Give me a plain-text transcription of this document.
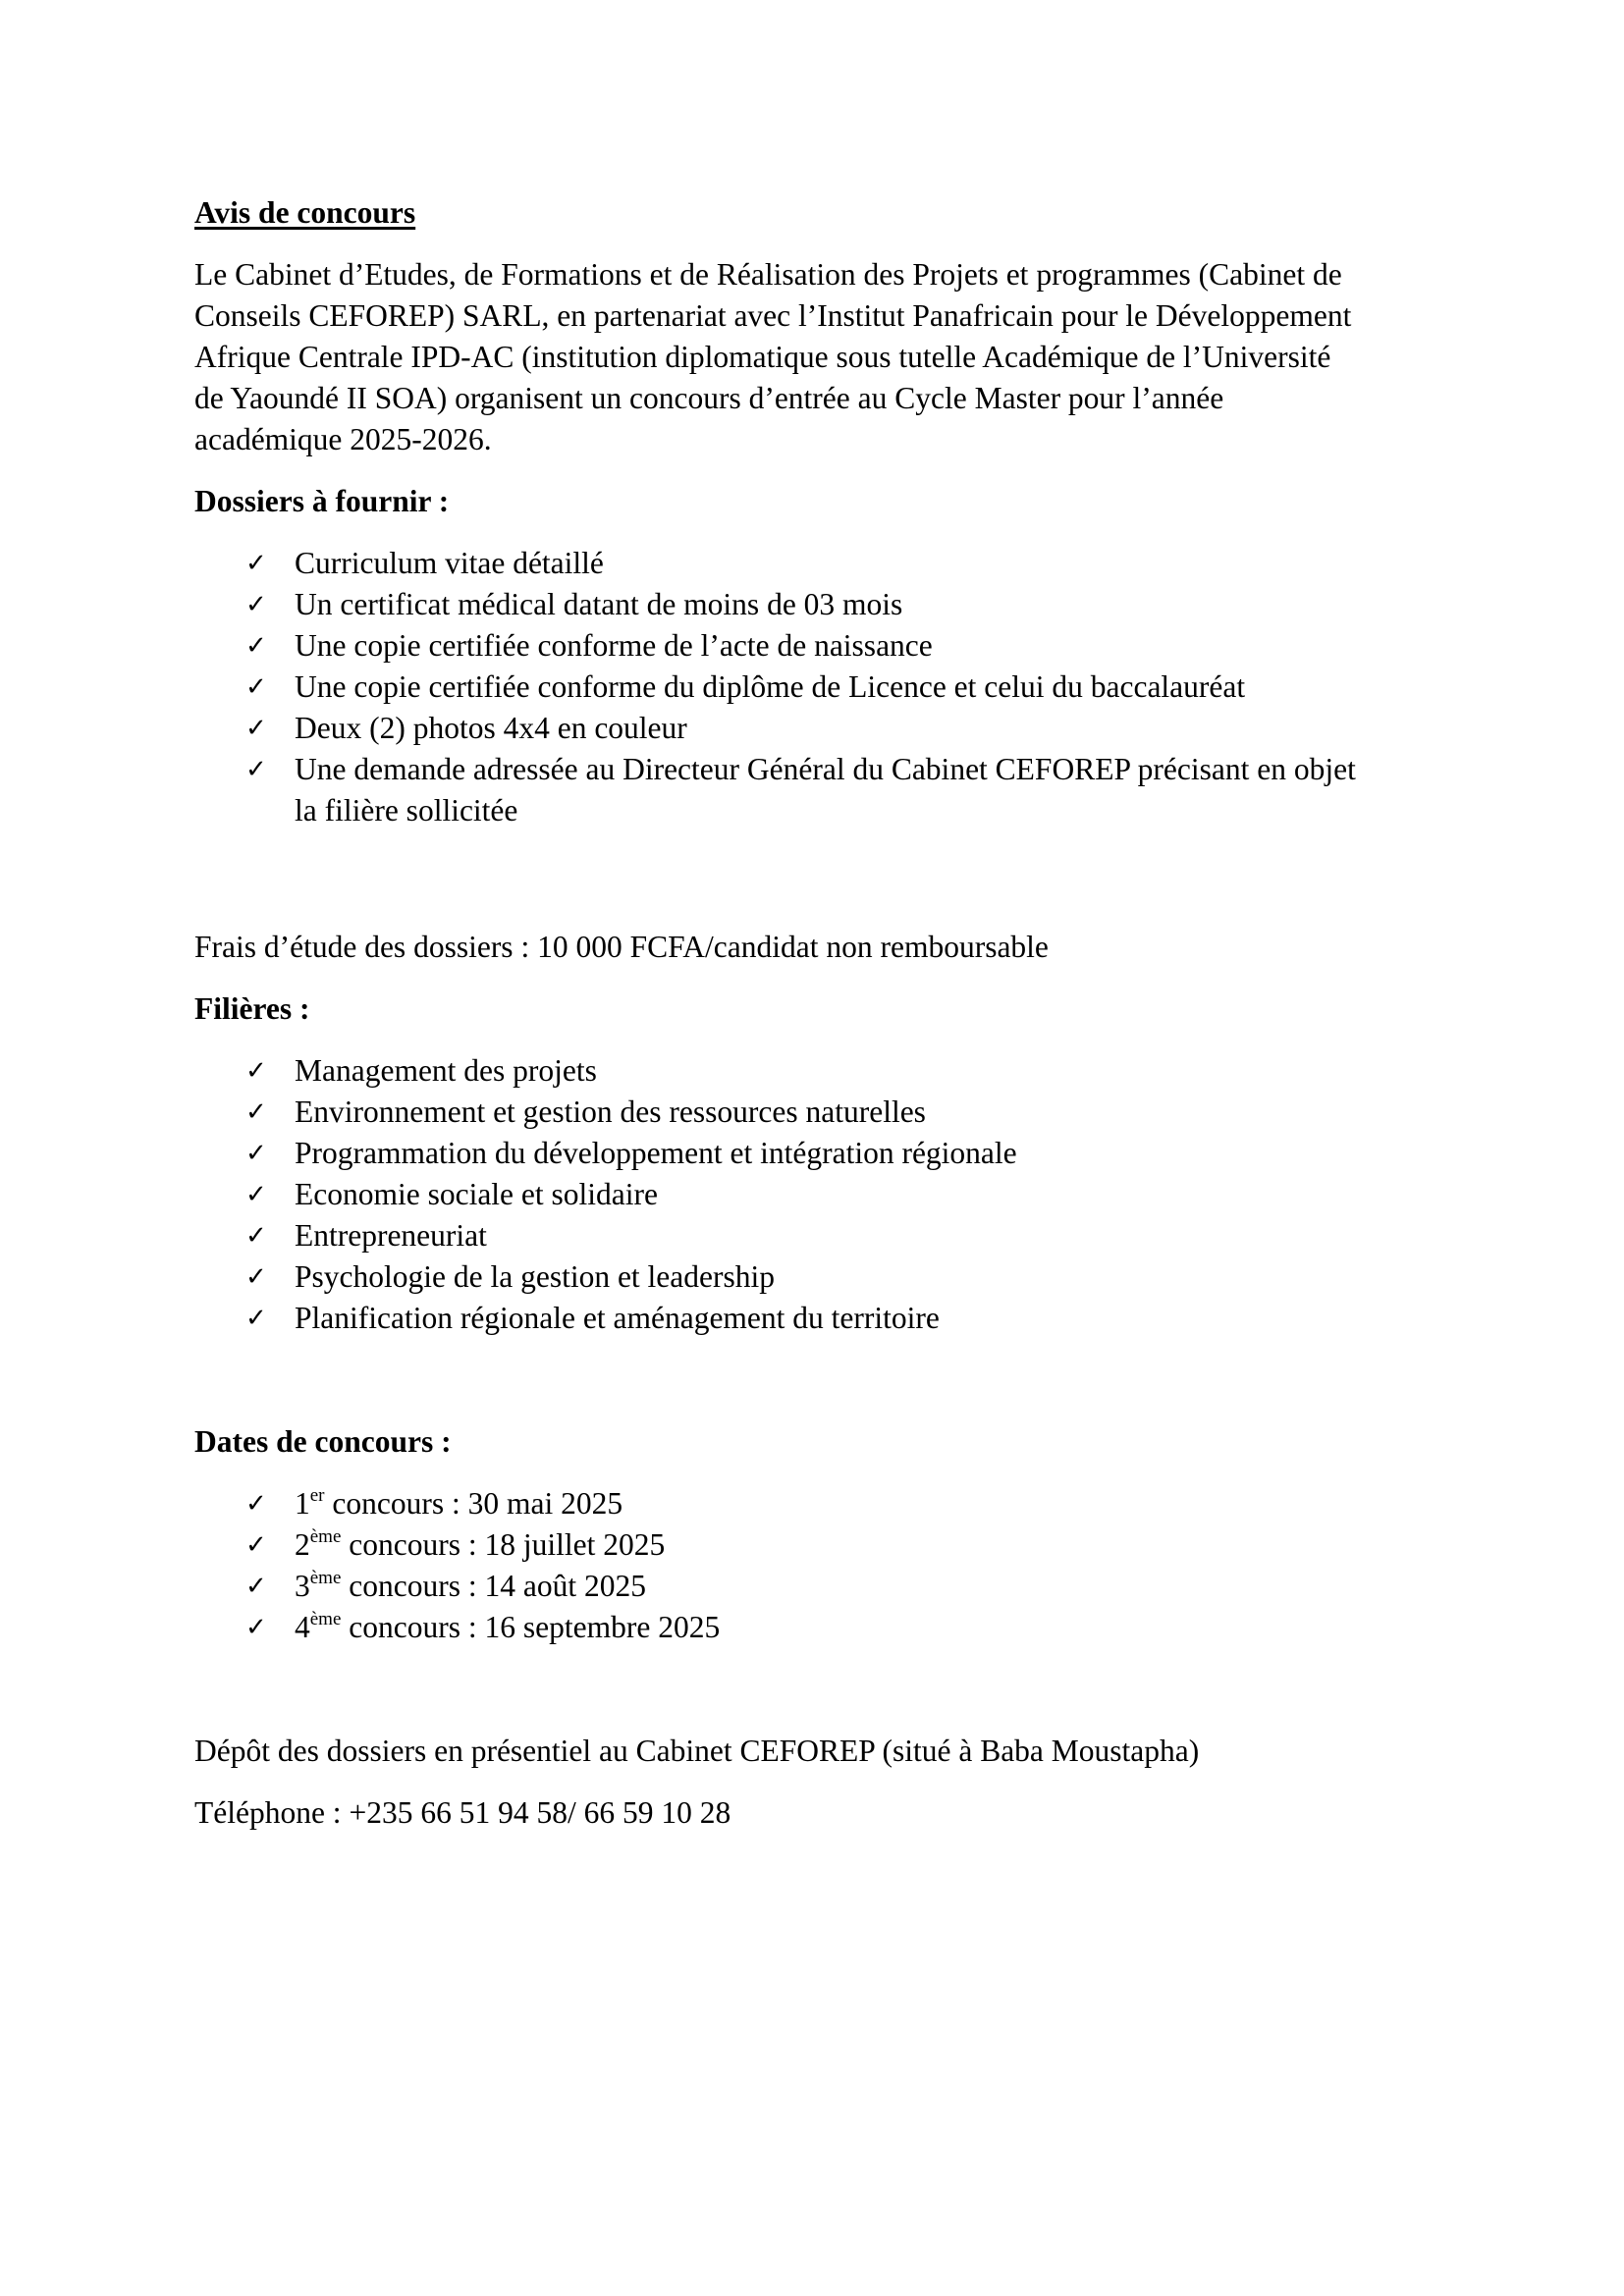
Avis de concours
Le Cabinet d’Etudes, de Formations et de Réalisation des Projets et programmes (Cabinet de
Conseils CEFOREP) SARL, en partenariat avec l’Institut Panafricain pour le Développement
Afrique Centrale IPD-AC (institution diplomatique sous tutelle Académique de l’Université
de Yaoundé II SOA) organisent un concours d’entrée au Cycle Master pour l’année
académique 2025-2026.
Dossiers à fournir :
✓ Curriculum vitae détaillé
✓ Un certificat médical datant de moins de 03 mois
✓ Une copie certifiée conforme de l’acte de naissance
✓ Une copie certifiée conforme du diplôme de Licence et celui du baccalauréat
✓ Deux (2) photos 4x4 en couleur
✓ Une demande adressée au Directeur Général du Cabinet CEFOREP précisant en objet
la filière sollicitée
Frais d’étude des dossiers : 10 000 FCFA/candidat non remboursable
Filières :
✓ Management des projets
✓ Environnement et gestion des ressources naturelles
✓ Programmation du développement et intégration régionale
✓ Economie sociale et solidaire
✓ Entrepreneuriat
✓ Psychologie de la gestion et leadership
✓ Planification régionale et aménagement du territoire
Dates de concours :
✓ 1er concours : 30 mai 2025
✓ 2ème concours : 18 juillet 2025
✓ 3ème concours : 14 août 2025
✓ 4ème concours : 16 septembre 2025
Dépôt des dossiers en présentiel au Cabinet CEFOREP (situé à Baba Moustapha)
Téléphone : +235 66 51 94 58/ 66 59 10 28
